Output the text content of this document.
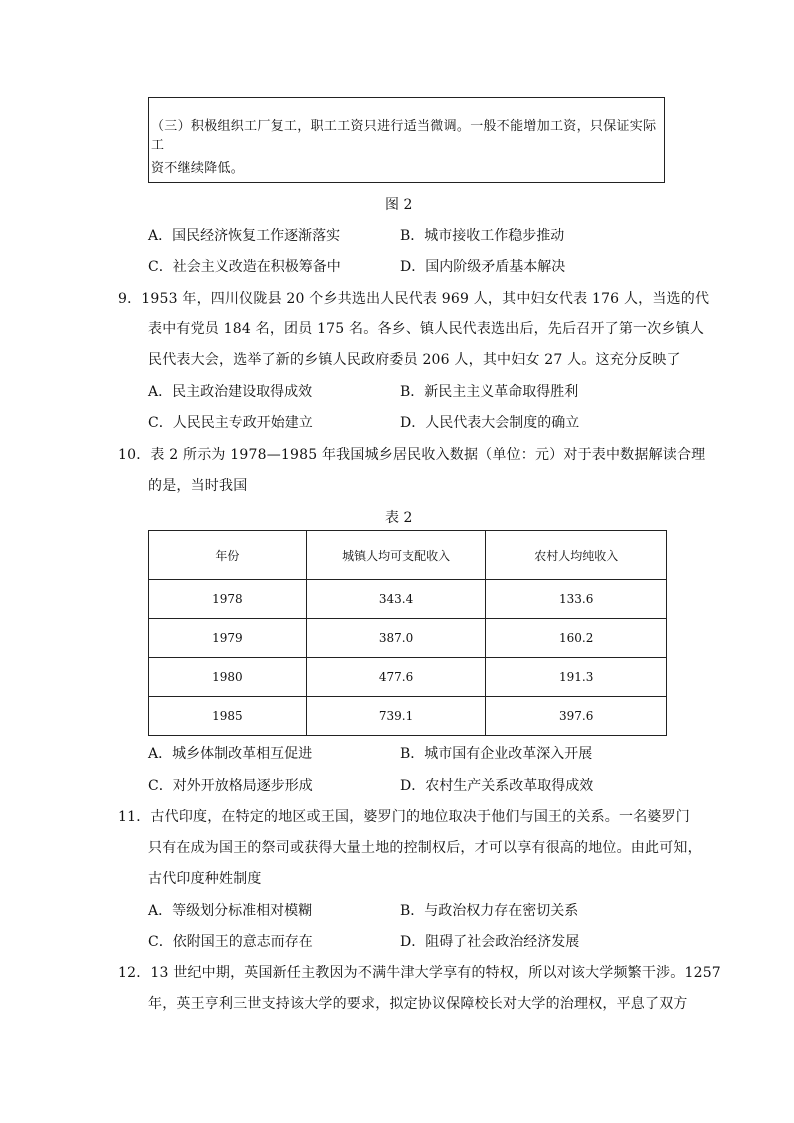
（三）积极组织工厂复工，职工工资只进行适当微调。一般不能增加工资，只保证实际工
资不继续降低。
图 2
A．国民经济恢复工作逐渐落实	B．城市接收工作稳步推动
C．社会主义改造在积极筹备中	D．国内阶级矛盾基本解决
9．1953 年，四川仪陇县 20 个乡共选出人民代表 969 人，其中妇女代表 176 人，当选的代
表中有党员 184 名，团员 175 名。各乡、镇人民代表选出后，先后召开了第一次乡镇人
民代表大会，选举了新的乡镇人民政府委员 206 人，其中妇女 27 人。这充分反映了
A．民主政治建设取得成效	B．新民主主义革命取得胜利
C．人民民主专政开始建立	D．人民代表大会制度的确立
10．表 2 所示为 1978—1985 年我国城乡居民收入数据（单位：元）对于表中数据解读合理
的是，当时我国
表 2
年份	城镇人均可支配收入	农村人均纯收入
1978	343.4	133.6
1979	387.0	160.2
1980	477.6	191.3
1985	739.1	397.6
A．城乡体制改革相互促进	B．城市国有企业改革深入开展
C．对外开放格局逐步形成	D．农村生产关系改革取得成效
11．古代印度，在特定的地区或王国，婆罗门的地位取决于他们与国王的关系。一名婆罗门
只有在成为国王的祭司或获得大量土地的控制权后，才可以享有很高的地位。由此可知，
古代印度种姓制度
A．等级划分标准相对模糊	B．与政治权力存在密切关系
C．依附国王的意志而存在	D．阻碍了社会政治经济发展
12．13 世纪中期，英国新任主教因为不满牛津大学享有的特权，所以对该大学频繁干涉。1257
年，英王亨利三世支持该大学的要求，拟定协议保障校长对大学的治理权，平息了双方
